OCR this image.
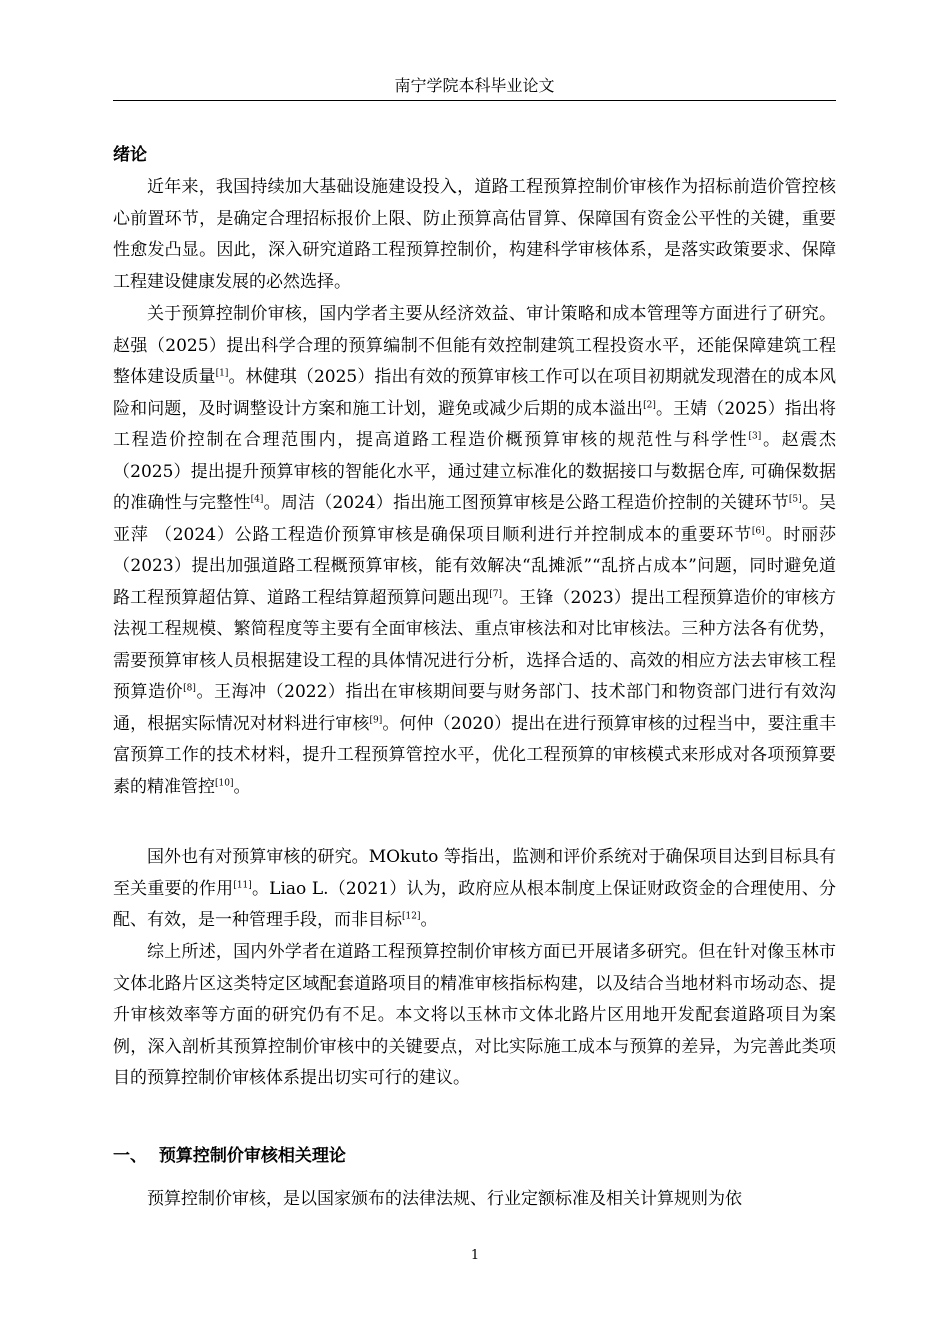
南宁学院本科毕业论文
绪论

近年来，我国持续加大基础设施建设投入，道路工程预算控制价审核作为招标前造价管控核心前置环节，是确定合理招标报价上限、防止预算高估冒算、保障国有资金公平性的关键，重要性愈发凸显。因此，深入研究道路工程预算控制价，构建科学审核体系，是落实政策要求、保障工程建设健康发展的必然选择。

关于预算控制价审核，国内学者主要从经济效益、审计策略和成本管理等方面进行了研究。赵强（2025）提出科学合理的预算编制不但能有效控制建筑工程投资水平，还能保障建筑工程整体建设质量[1]。林健琪（2025）指出有效的预算审核工作可以在项目初期就发现潜在的成本风险和问题，及时调整设计方案和施工计划，避免或减少后期的成本溢出[2]。王婧（2025）指出将工程造价控制在合理范围内，提高道路工程造价概预算审核的规范性与科学性[3]。赵震杰（2025）提出提升预算审核的智能化水平，通过建立标准化的数据接口与数据仓库, 可确保数据的准确性与完整性[4]。周洁（2024）指出施工图预算审核是公路工程造价控制的关键环节[5]。吴亚萍 （2024）公路工程造价预算审核是确保项目顺利进行并控制成本的重要环节[6]。时丽莎（2023）提出加强道路工程概预算审核，能有效解决“乱摊派”“乱挤占成本”问题，同时避免道路工程预算超估算、道路工程结算超预算问题出现[7]。王锋（2023）提出工程预算造价的审核方法视工程规模、繁简程度等主要有全面审核法、重点审核法和对比审核法。三种方法各有优势，需要预算审核人员根据建设工程的具体情况进行分析，选择合适的、高效的相应方法去审核工程预算造价[8]。王海冲（2022）指出在审核期间要与财务部门、技术部门和物资部门进行有效沟通，根据实际情况对材料进行审核[9]。何仲（2020）提出在进行预算审核的过程当中，要注重丰富预算工作的技术材料，提升工程预算管控水平，优化工程预算的审核模式来形成对各项预算要素的精准管控[10]。

国外也有对预算审核的研究。MOkuto 等指出，监测和评价系统对于确保项目达到目标具有至关重要的作用[11]。Liao L.（2021）认为，政府应从根本制度上保证财政资金的合理使用、分配、有效，是一种管理手段，而非目标[12]。

综上所述，国内外学者在道路工程预算控制价审核方面已开展诸多研究。但在针对像玉林市文体北路片区这类特定区域配套道路项目的精准审核指标构建，以及结合当地材料市场动态、提升审核效率等方面的研究仍有不足。本文将以玉林市文体北路片区用地开发配套道路项目为案例，深入剖析其预算控制价审核中的关键要点，对比实际施工成本与预算的差异，为完善此类项目的预算控制价审核体系提出切实可行的建议。

一、  预算控制价审核相关理论

预算控制价审核，是以国家颁布的法律法规、行业定额标准及相关计算规则为依

1
